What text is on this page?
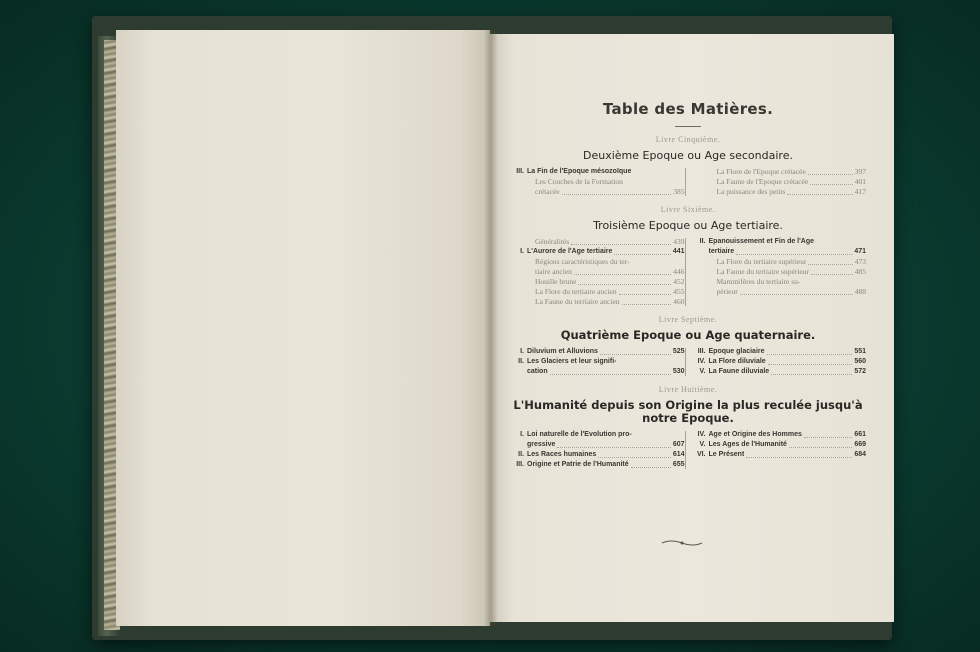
Table des Matières.
Livre Cinquième.
Deuxième Epoque ou Age secondaire.
III. La Fin de l'Epoque mésozoïque
Les Couches de la Formation
crétacée	385
La Flore de l'Epoque crétacée	397
La Faune de l'Epoque crétacée	401
La puissance des petits	417
Livre Sixième.
Troisième Epoque ou Age tertiaire.
Généralités	439
I. L'Aurore de l'Age tertiaire	441
Régions caractéristiques du ter-
tiaire ancien	446
Houille brune	452
La Flore du tertiaire ancien	455
La Faune du terriaire ancien	460
II. Epanouissement et Fin de l'Age
tertiaire	471
La Flore du tertiaire supérieur	473
La Faune du tertiaire supérieur	485
Mammifères du tertiaire su-
périeur	488
Livre Septième.
Quatrième Epoque ou Age quaternaire.
I. Diluvium et Alluvions	525
II. Les Glaciers et leur signifi-
cation	530
III. Epoque glaciaire	551
IV. La Flore diluviale	560
V. La Faune diluviale	572
Livre Huitième.
L'Humanité depuis son Origine la plus reculée jusqu'à notre Epoque.
I. Loi naturelle de l'Evolution pro-
gressive	607
II. Les Races humaines	614
III. Origine et Patrie de l'Humanité	655
IV. Age et Origine des Hommes	661
V. Les Ages de l'Humanité	669
VI. Le Présent	684
